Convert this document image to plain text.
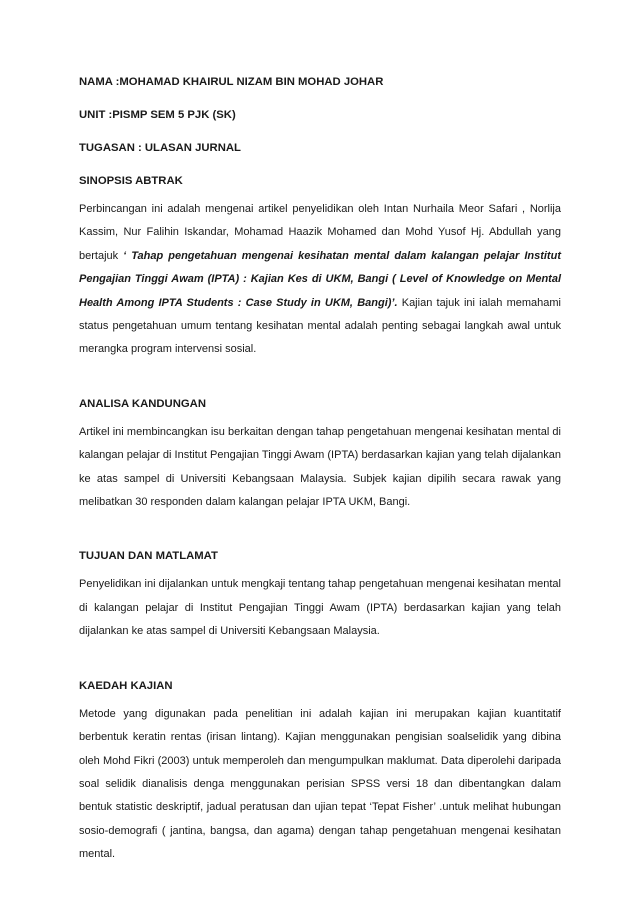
NAMA :MOHAMAD KHAIRUL NIZAM BIN MOHAD JOHAR
UNIT :PISMP SEM 5 PJK (SK)
TUGASAN : ULASAN JURNAL
SINOPSIS ABTRAK

Perbincangan ini adalah mengenai artikel penyelidikan oleh Intan Nurhaila Meor Safari , Norlija Kassim, Nur Falihin Iskandar, Mohamad Haazik Mohamed dan Mohd Yusof Hj. Abdullah yang bertajuk ‘ Tahap pengetahuan mengenai kesihatan mental dalam kalangan pelajar Institut Pengajian Tinggi Awam (IPTA) : Kajian Kes di UKM, Bangi ( Level of Knowledge on Mental Health Among IPTA Students : Case Study in UKM, Bangi)’. Kajian tajuk ini ialah memahami status pengetahuan umum tentang kesihatan mental adalah penting sebagai langkah awal untuk merangka program intervensi sosial.

ANALISA KANDUNGAN

Artikel ini membincangkan isu berkaitan dengan tahap pengetahuan mengenai kesihatan mental di kalangan pelajar di Institut Pengajian Tinggi Awam (IPTA) berdasarkan kajian yang telah dijalankan ke atas sampel di Universiti Kebangsaan Malaysia. Subjek kajian dipilih secara rawak yang melibatkan 30 responden dalam kalangan pelajar IPTA UKM, Bangi.

TUJUAN DAN MATLAMAT

Penyelidikan ini dijalankan untuk mengkaji tentang tahap pengetahuan mengenai kesihatan mental di kalangan pelajar di Institut Pengajian Tinggi Awam (IPTA) berdasarkan kajian yang telah dijalankan ke atas sampel di Universiti Kebangsaan Malaysia.

KAEDAH KAJIAN

Metode yang digunakan pada penelitian ini adalah kajian ini merupakan kajian kuantitatif berbentuk keratin rentas (irisan lintang). Kajian menggunakan pengisian soalselidik yang dibina oleh Mohd Fikri (2003) untuk memperoleh dan mengumpulkan maklumat. Data diperolehi daripada soal selidik dianalisis denga menggunakan perisian SPSS versi 18 dan dibentangkan dalam bentuk statistic deskriptif, jadual peratusan dan ujian tepat ‘Tepat Fisher’ .untuk melihat hubungan sosio-demografi ( jantina, bangsa, dan agama) dengan tahap pengetahuan mengenai kesihatan mental.
